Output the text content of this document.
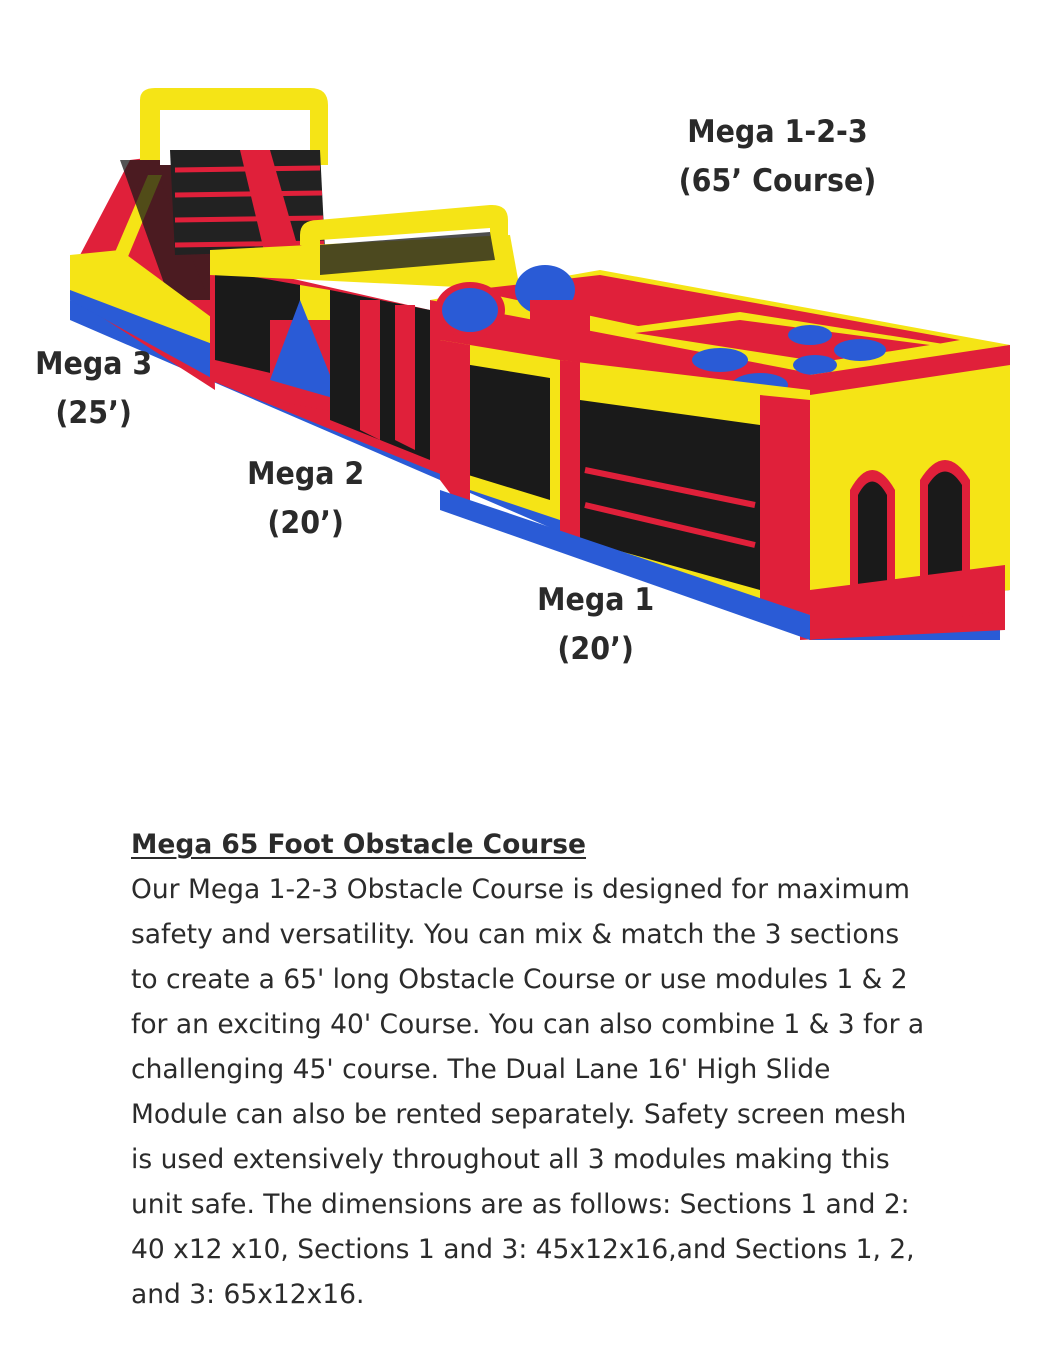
Mega 1-2-3
(65’ Course)
Mega 3
(25’)
Mega 2
(20’)
Mega 1
(20’)
Mega 65 Foot Obstacle Course

Our Mega 1-2-3 Obstacle Course is designed for maximum safety and versatility. You can mix & match the 3 sections to create a 65' long Obstacle Course or use modules 1 & 2 for an exciting 40' Course. You can also combine 1 & 3 for a challenging 45' course. The Dual Lane 16' High Slide Module can also be rented separately. Safety screen mesh is used extensively throughout all 3 modules making this unit safe. The dimensions are as follows: Sections 1 and 2: 40 x12 x10, Sections 1 and 3: 45x12x16,and Sections 1, 2, and 3: 65x12x16.
